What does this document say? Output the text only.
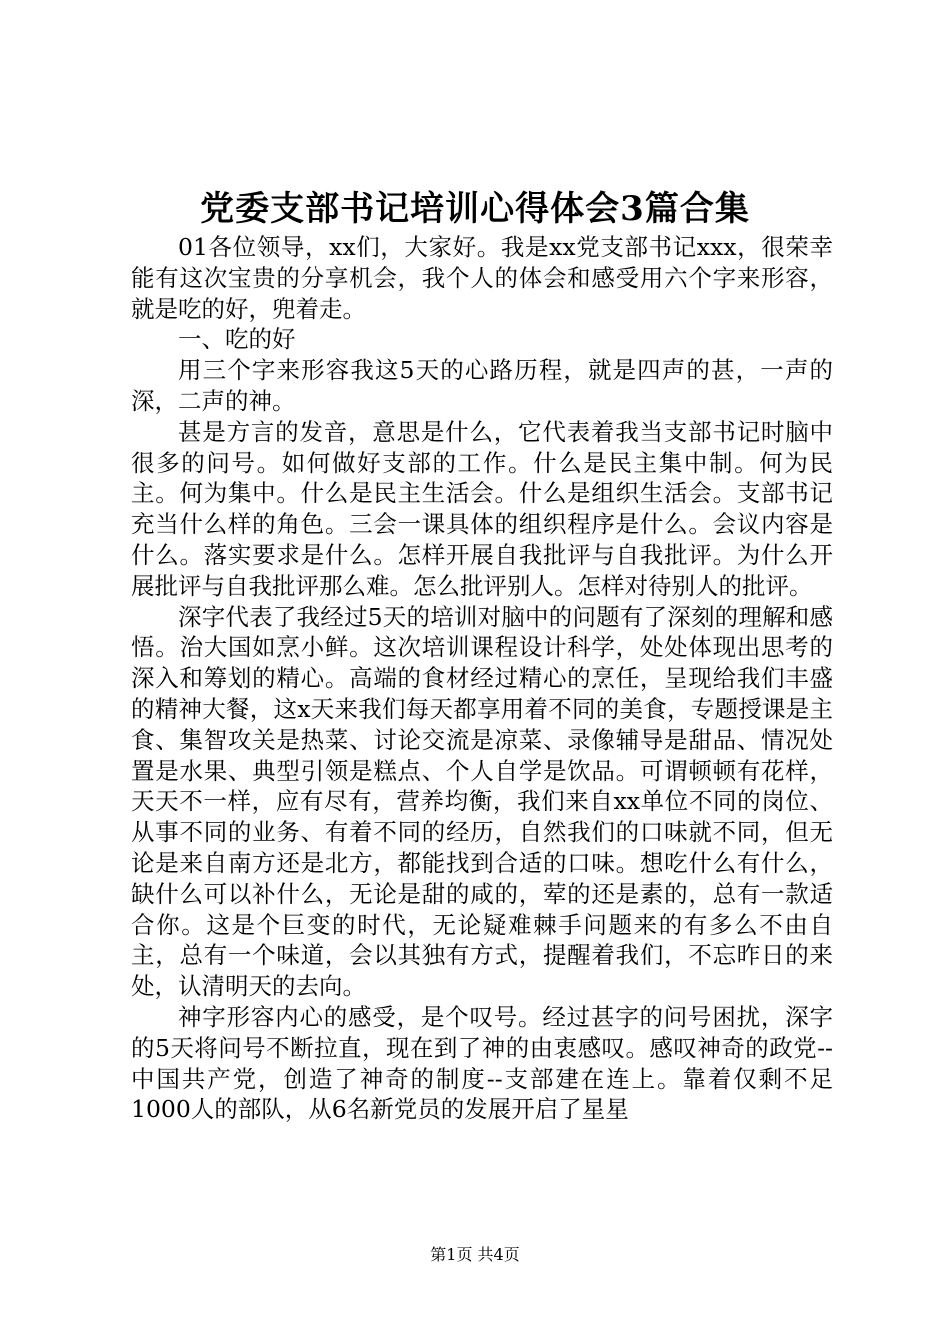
党委支部书记培训心得体会3篇合集

01各位领导，xx们，大家好。我是xx党支部书记xxx，很荣幸能有这次宝贵的分享机会，我个人的体会和感受用六个字来形容，就是吃的好，兜着走。

一、吃的好

用三个字来形容我这5天的心路历程，就是四声的甚，一声的深，二声的神。

甚是方言的发音，意思是什么，它代表着我当支部书记时脑中很多的问号。如何做好支部的工作。什么是民主集中制。何为民主。何为集中。什么是民主生活会。什么是组织生活会。支部书记充当什么样的角色。三会一课具体的组织程序是什么。会议内容是什么。落实要求是什么。怎样开展自我批评与自我批评。为什么开展批评与自我批评那么难。怎么批评别人。怎样对待别人的批评。

深字代表了我经过5天的培训对脑中的问题有了深刻的理解和感悟。治大国如烹小鲜。这次培训课程设计科学，处处体现出思考的深入和筹划的精心。高端的食材经过精心的烹任，呈现给我们丰盛的精神大餐，这x天来我们每天都享用着不同的美食，专题授课是主食、集智攻关是热菜、讨论交流是凉菜、录像辅导是甜品、情况处置是水果、典型引领是糕点、个人自学是饮品。可谓顿顿有花样，天天不一样，应有尽有，营养均衡，我们来自xx单位不同的岗位、从事不同的业务、有着不同的经历，自然我们的口味就不同，但无论是来自南方还是北方，都能找到合适的口味。想吃什么有什么，缺什么可以补什么，无论是甜的咸的，荤的还是素的，总有一款适合你。这是个巨变的时代，无论疑难棘手问题来的有多么不由自主，总有一个味道，会以其独有方式，提醒着我们，不忘昨日的来处，认清明天的去向。

神字形容内心的感受，是个叹号。经过甚字的问号困扰，深字的5天将问号不断拉直，现在到了神的由衷感叹。感叹神奇的政党--中国共产党，创造了神奇的制度--支部建在连上。靠着仅剩不足1000人的部队，从6名新党员的发展开启了星星

第1页 共4页
